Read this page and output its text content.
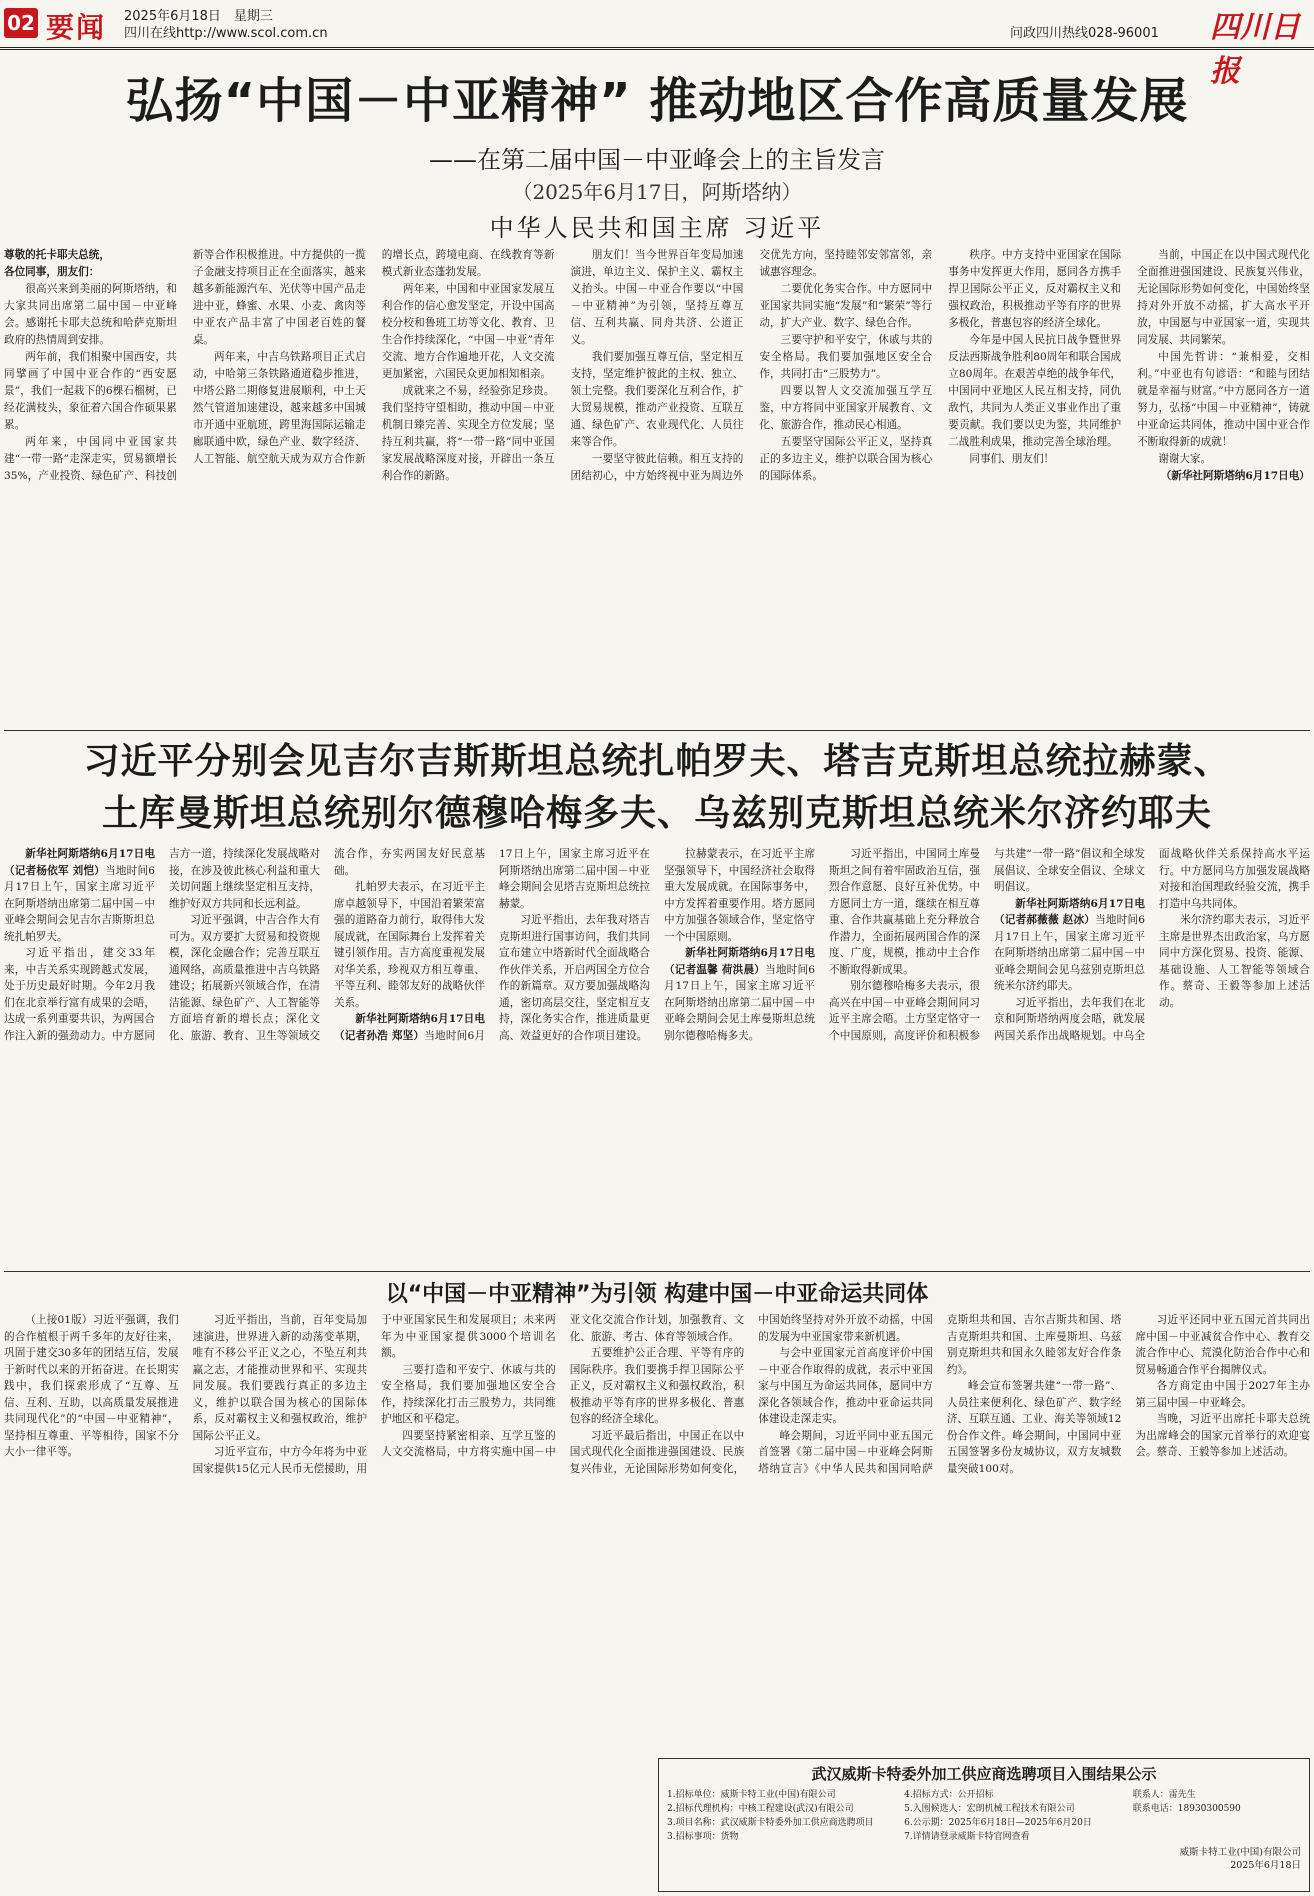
02 要闻 2025年6月18日　星期三
四川在线http://www.scol.com.cn	问政四川热线028-96001 四川日报
弘扬“中国－中亚精神” 推动地区合作高质量发展
——在第二届中国－中亚峰会上的主旨发言
（2025年6月17日，阿斯塔纳）
中华人民共和国主席 习近平

尊敬的托卡耶夫总统，

各位同事，朋友们：

很高兴来到美丽的阿斯塔纳，和大家共同出席第二届中国－中亚峰会。感谢托卡耶夫总统和哈萨克斯坦政府的热情周到安排。

两年前，我们相聚中国西安，共同擘画了中国中亚合作的“西安愿景”，我们一起栽下的6棵石榴树，已经花满枝头，象征着六国合作硕果累累。

两年来，中国同中亚国家共建“一带一路”走深走实，贸易额增长35%，产业投资、绿色矿产、科技创新等合作积极推进。中方提供的一揽子金融支持项目正在全面落实，越来越多新能源汽车、光伏等中国产品走进中亚，蜂蜜、水果、小麦、禽肉等中亚农产品丰富了中国老百姓的餐桌。

两年来，中吉乌铁路项目正式启动，中哈第三条铁路通道稳步推进，中塔公路二期修复进展顺利，中土天然气管道加速建设，越来越多中国城市开通中亚航班，跨里海国际运输走廊联通中欧，绿色产业、数字经济、人工智能、航空航天成为双方合作新的增长点，跨境电商、在线教育等新模式新业态蓬勃发展。

两年来，中国和中亚国家发展互利合作的信心愈发坚定，开设中国高校分校和鲁班工坊等文化、教育、卫生合作持续深化，“中国－中亚”青年交流、地方合作遍地开花，人文交流更加紧密，六国民众更加相知相亲。

成就来之不易，经验弥足珍贵。我们坚持守望相助，推动中国－中亚机制日臻完善、实现全方位发展；坚持互利共赢，将“一带一路”同中亚国家发展战略深度对接，开辟出一条互利合作的新路。

朋友们！当今世界百年变局加速演进，单边主义、保护主义、霸权主义抬头。中国－中亚合作要以“中国－中亚精神”为引领，坚持互尊互信、互利共赢、同舟共济、公道正义。

我们要加强互尊互信，坚定相互支持，坚定维护彼此的主权、独立、领土完整。我们要深化互利合作，扩大贸易规模，推动产业投资、互联互通、绿色矿产、农业现代化、人员往来等合作。

一要坚守彼此信赖。相互支持的团结初心，中方始终视中亚为周边外交优先方向，坚持睦邻安邻富邻，亲诚惠容理念。

二要优化务实合作。中方愿同中亚国家共同实施“发展”和“繁荣”等行动，扩大产业、数字、绿色合作。

三要守护和平安宁，休戚与共的安全格局。我们要加强地区安全合作，共同打击“三股势力”。

四要以智人文交流加强互学互鉴，中方将同中亚国家开展教育、文化、旅游合作，推动民心相通。

五要坚守国际公平正义，坚持真正的多边主义，维护以联合国为核心的国际体系。

秩序。中方支持中亚国家在国际事务中发挥更大作用，愿同各方携手捍卫国际公平正义，反对霸权主义和强权政治，积极推动平等有序的世界多极化，普惠包容的经济全球化。

今年是中国人民抗日战争暨世界反法西斯战争胜利80周年和联合国成立80周年。在艰苦卓绝的战争年代，中国同中亚地区人民互相支持，同仇敌忾，共同为人类正义事业作出了重要贡献。我们要以史为鉴，共同维护二战胜利成果，推动完善全球治理。

同事们、朋友们！

当前，中国正在以中国式现代化全面推进强国建设、民族复兴伟业，无论国际形势如何变化，中国始终坚持对外开放不动摇，扩大高水平开放，中国愿与中亚国家一道，实现共同发展、共同繁荣。

中国先哲讲：“兼相爱，交相利。”中亚也有句谚语：“和睦与团结就是幸福与财富。”中方愿同各方一道努力，弘扬“中国－中亚精神”，铸就中亚命运共同体，推动中国中亚合作不断取得新的成就！

谢谢大家。

（新华社阿斯塔纳6月17日电）

习近平分别会见吉尔吉斯斯坦总统扎帕罗夫、塔吉克斯坦总统拉赫蒙、
土库曼斯坦总统别尔德穆哈梅多夫、乌兹别克斯坦总统米尔济约耶夫

新华社阿斯塔纳6月17日电（记者杨依军 刘恺）当地时间6月17日上午，国家主席习近平在阿斯塔纳出席第二届中国－中亚峰会期间会见吉尔吉斯斯坦总统扎帕罗夫。

习近平指出，建交33年来，中吉关系实现跨越式发展，处于历史最好时期。今年2月我们在北京举行富有成果的会晤，达成一系列重要共识，为两国合作注入新的强劲动力。中方愿同吉方一道，持续深化发展战略对接，在涉及彼此核心利益和重大关切问题上继续坚定相互支持，维护好双方共同和长远利益。

习近平强调，中吉合作大有可为。双方要扩大贸易和投资规模，深化金融合作；完善互联互通网络，高质量推进中吉乌铁路建设；拓展新兴领域合作，在清洁能源、绿色矿产、人工智能等方面培育新的增长点；深化文化、旅游、教育、卫生等领域交流合作，夯实两国友好民意基础。

扎帕罗夫表示，在习近平主席卓越领导下，中国沿着繁荣富强的道路奋力前行，取得伟大发展成就，在国际舞台上发挥着关键引领作用。吉方高度重视发展对华关系，珍视双方相互尊重、平等互利、睦邻友好的战略伙伴关系。

新华社阿斯塔纳6月17日电（记者孙浩 郑坚）当地时间6月17日上午，国家主席习近平在阿斯塔纳出席第二届中国－中亚峰会期间会见塔吉克斯坦总统拉赫蒙。

习近平指出，去年我对塔吉克斯坦进行国事访问，我们共同宣布建立中塔新时代全面战略合作伙伴关系，开启两国全方位合作的新篇章。双方要加强战略沟通，密切高层交往，坚定相互支持，深化务实合作，推进质量更高、效益更好的合作项目建设。

拉赫蒙表示，在习近平主席坚强领导下，中国经济社会取得重大发展成就。在国际事务中，中方发挥着重要作用。塔方愿同中方加强各领域合作，坚定恪守一个中国原则。

新华社阿斯塔纳6月17日电（记者温馨 荷洪晨）当地时间6月17日上午，国家主席习近平在阿斯塔纳出席第二届中国－中亚峰会期间会见土库曼斯坦总统别尔德穆哈梅多夫。

习近平指出，中国同土库曼斯坦之间有着牢固政治互信，强烈合作意愿、良好互补优势。中方愿同土方一道，继续在相互尊重、合作共赢基础上充分释放合作潜力，全面拓展两国合作的深度、广度，规模，推动中土合作不断取得新成果。

别尔德穆哈梅多夫表示，很高兴在中国－中亚峰会期间同习近平主席会晤。土方坚定恪守一个中国原则，高度评价和积极参与共建“一带一路”倡议和全球发展倡议、全球安全倡议、全球文明倡议。

新华社阿斯塔纳6月17日电（记者郝薇薇 赵冰）当地时间6月17日上午，国家主席习近平在阿斯塔纳出席第二届中国－中亚峰会期间会见乌兹别克斯坦总统米尔济约耶夫。

习近平指出，去年我们在北京和阿斯塔纳两度会晤，就发展两国关系作出战略规划。中乌全面战略伙伴关系保持高水平运行。中方愿同乌方加强发展战略对接和治国理政经验交流，携手打造中乌共同体。

米尔济约耶夫表示，习近平主席是世界杰出政治家，乌方愿同中方深化贸易、投资、能源、基础设施、人工智能等领域合作。蔡奇、王毅等参加上述活动。

以“中国－中亚精神”为引领 构建中国－中亚命运共同体

（上接01版）习近平强调，我们的合作植根于两千多年的友好往来，巩固于建交30多年的团结互信，发展于新时代以来的开拓奋进。在长期实践中，我们探索形成了“互尊、互信、互利、互助，以高质量发展推进共同现代化”的“中国－中亚精神”，坚持相互尊重、平等相待，国家不分大小一律平等。

习近平指出，当前，百年变局加速演进，世界进入新的动荡变革期，唯有不移公平正义之心，不坠互利共赢之志，才能推动世界和平、实现共同发展。我们要践行真正的多边主义，维护以联合国为核心的国际体系，反对霸权主义和强权政治，维护国际公平正义。

习近平宣布，中方今年将为中亚国家提供15亿元人民币无偿援助，用于中亚国家民生和发展项目；未来两年为中亚国家提供3000个培训名额。

三要打造和平安宁、休戚与共的安全格局，我们要加强地区安全合作，持续深化打击三股势力，共同维护地区和平稳定。

四要坚持紧密相亲、互学互鉴的人文交流格局，中方将实施中国－中亚文化交流合作计划，加强教育、文化、旅游、考古、体育等领域合作。

五要维护公正合理、平等有序的国际秩序。我们要携手捍卫国际公平正义，反对霸权主义和强权政治，积极推动平等有序的世界多极化、普惠包容的经济全球化。

习近平最后指出，中国正在以中国式现代化全面推进强国建设、民族复兴伟业，无论国际形势如何变化，中国始终坚持对外开放不动摇，中国的发展为中亚国家带来新机遇。

与会中亚国家元首高度评价中国－中亚合作取得的成就，表示中亚国家与中国互为命运共同体，愿同中方深化各领域合作，推动中亚命运共同体建设走深走实。

峰会期间，习近平同中亚五国元首签署《第二届中国－中亚峰会阿斯塔纳宣言》《中华人民共和国同哈萨克斯坦共和国、吉尔吉斯共和国、塔吉克斯坦共和国、土库曼斯坦、乌兹别克斯坦共和国永久睦邻友好合作条约》。

峰会宣布签署共建“一带一路”、人员往来便利化、绿色矿产、数字经济、互联互通、工业、海关等领域12份合作文件。峰会期间，中国同中亚五国签署多份友城协议，双方友城数量突破100对。

习近平还同中亚五国元首共同出席中国－中亚减贫合作中心、教育交流合作中心、荒漠化防治合作中心和贸易畅通合作平台揭牌仪式。

各方商定由中国于2027年主办第三届中国－中亚峰会。

当晚，习近平出席托卡耶夫总统为出席峰会的国家元首举行的欢迎宴会。蔡奇、王毅等参加上述活动。

武汉威斯卡特委外加工供应商选聘项目入围结果公示
1.招标单位：威斯卡特工业(中国)有限公司
2.招标代理机构：中核工程建设(武汉)有限公司
3.项目名称：武汉威斯卡特委外加工供应商选聘项目
3.招标事项：货物
4.招标方式：公开招标
5.入围候选人：宏朗机械工程技术有限公司
6.公示期：2025年6月18日—2025年6月20日
7.详情请登录威斯卡特官网查看
联系人：雷先生
联系电话：18930300590
威斯卡特工业(中国)有限公司
2025年6月18日
